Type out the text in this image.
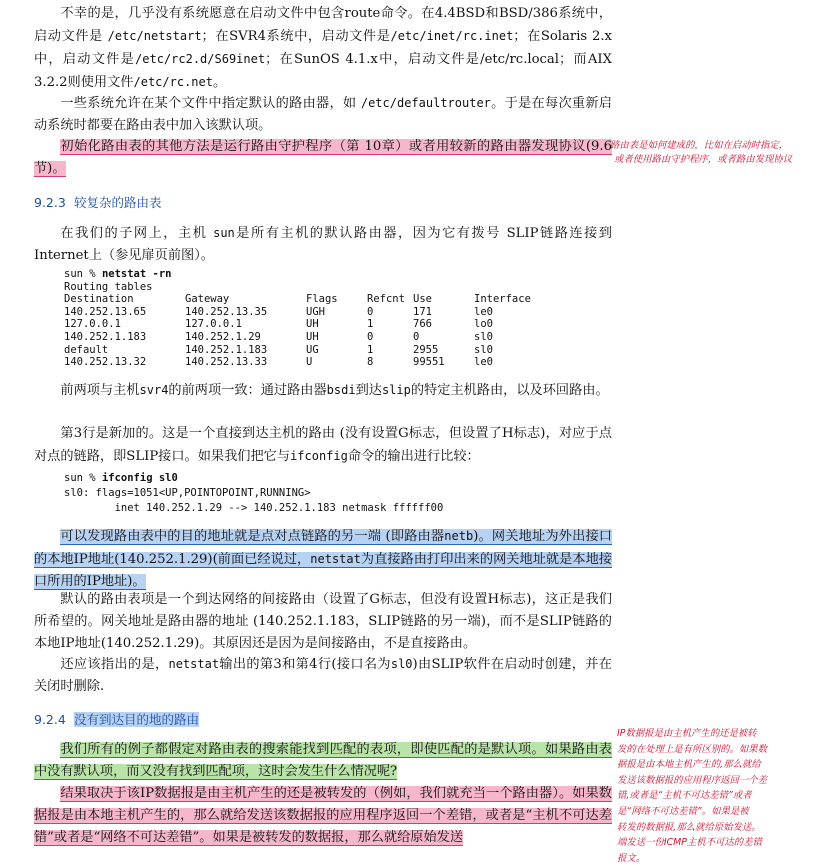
不幸的是，几乎没有系统愿意在启动文件中包含route命令。在4.4BSD和BSD/386系统中，启动文件是 /etc/netstart；在SVR4系统中，启动文件是/etc/inet/rc.inet；在Solaris 2.x中，启动文件是/etc/rc2.d/S69inet；在SunOS 4.1.x中，启动文件是/etc/rc.local；而AIX 3.2.2则使用文件/etc/rc.net。

一些系统允许在某个文件中指定默认的路由器，如 /etc/defaultrouter。于是在每次重新启动系统时都要在路由表中加入该默认项。

初始化路由表的其他方法是运行路由守护程序（第 10章）或者用较新的路由器发现协议(9.6节)。

9.2.3 较复杂的路由表

在我们的子网上，主机 sun是所有主机的默认路由器，因为它有拨号 SLIP链路连接到Internet上（参见扉页前图）。

sun % netstat -rn

Routing tables

Destination	Gateway	Flags	Refcnt	Use	Interface
140.252.13.65	140.252.13.35	UGH	0	171	le0
127.0.0.1	127.0.0.1	UH	1	766	lo0
140.252.1.183	140.252.1.29	UH	0	0	sl0
default	140.252.1.183	UG	1	2955	sl0
140.252.13.32	140.252.13.33	U	8	99551	le0

前两项与主机svr4的前两项一致：通过路由器bsdi到达slip的特定主机路由，以及环回路由。

第3行是新加的。这是一个直接到达主机的路由 (没有设置G标志，但设置了H标志)，对应于点对点的链路，即SLIP接口。如果我们把它与ifconfig命令的输出进行比较：

sun % ifconfig sl0

sl0: flags=1051<UP,POINTOPOINT,RUNNING>

inet 140.252.1.29 --> 140.252.1.183 netmask ffffff00

可以发现路由表中的目的地址就是点对点链路的另一端 (即路由器netb)。网关地址为外出接口的本地IP地址(140.252.1.29)(前面已经说过，netstat为直接路由打印出来的网关地址就是本地接口所用的IP地址)。

默认的路由表项是一个到达网络的间接路由（设置了G标志，但没有设置H标志)，这正是我们所希望的。网关地址是路由器的地址 (140.252.1.183，SLIP链路的另一端)，而不是SLIP链路的本地IP地址(140.252.1.29)。其原因还是因为是间接路由，不是直接路由。

还应该指出的是，netstat输出的第3和第4行(接口名为sl0)由SLIP软件在启动时创建，并在关闭时删除.

9.2.4 没有到达目的地的路由

我们所有的例子都假定对路由表的搜索能找到匹配的表项，即使匹配的是默认项。如果路由表中没有默认项，而又没有找到匹配项，这时会发生什么情况呢?

结果取决于该IP数据报是由主机产生的还是被转发的（例如，我们就充当一个路由器）。如果数据报是由本地主机产生的，那么就给发送该数据报的应用程序返回一个差错，或者是“主机不可达差错”或者是“网络不可达差错”。如果是被转发的数据报，那么就给原始发送

路由表是如何建成的，比如在启动时指定，
或者使用路由守护程序，或者路由发现协议
IP数据报是由主机产生的还是被转
发的在处理上是有所区别的。如果数
据报是由本地主机产生的,那么就给
发送该数据报的应用程序返回一个差
错,或者是“主机不可达差错”或者
是“网络不可达差错”。如果是被
转发的数据报,那么就给原始发送。
端发送一份ICMP主机不可达的差错
报文。
